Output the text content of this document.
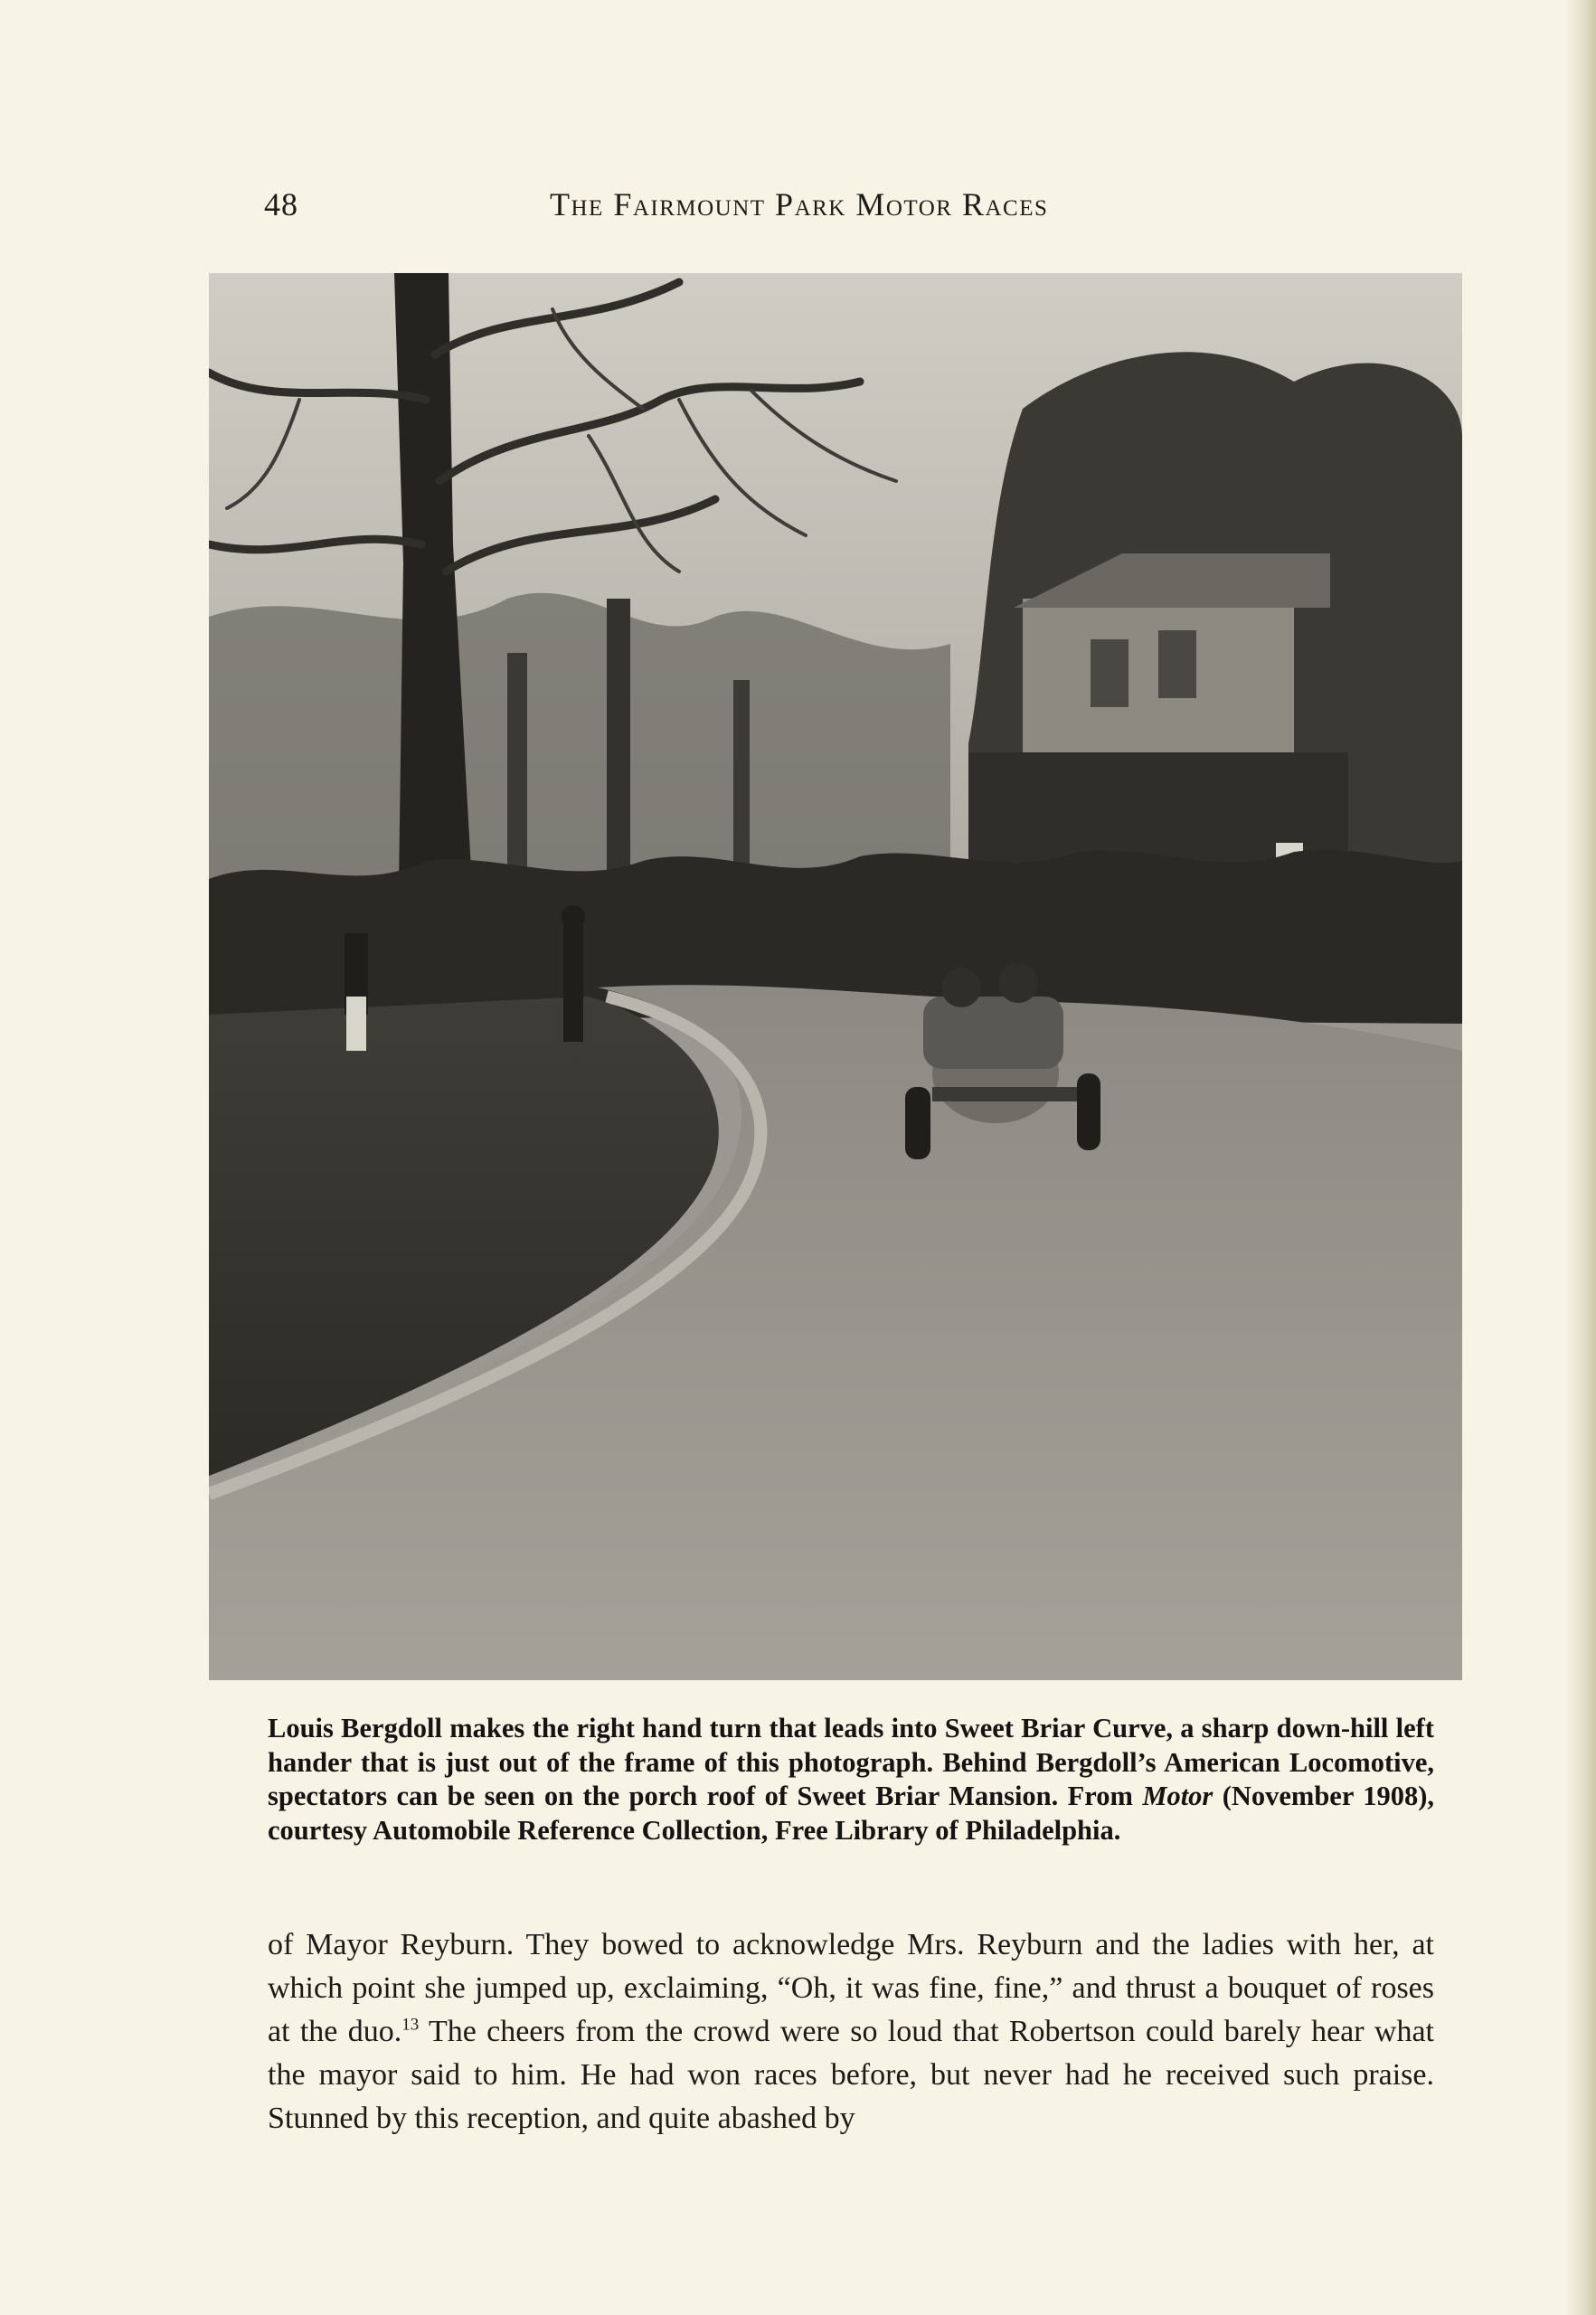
48	The Fairmount Park Motor Races

Louis Bergdoll makes the right hand turn that leads into Sweet Briar Curve, a sharp down-hill left hander that is just out of the frame of this photograph. Behind Bergdoll’s American Locomotive, spectators can be seen on the porch roof of Sweet Briar Mansion. From Motor (November 1908), courtesy Automobile Reference Collection, Free Library of Philadelphia.

of Mayor Reyburn. They bowed to acknowledge Mrs. Reyburn and the ladies with her, at which point she jumped up, exclaiming, “Oh, it was fine, fine,” and thrust a bouquet of roses at the duo.$^{13}$ The cheers from the crowd were so loud that Robertson could barely hear what the mayor said to him. He had won races before, but never had he received such praise. Stunned by this reception, and quite abashed by
